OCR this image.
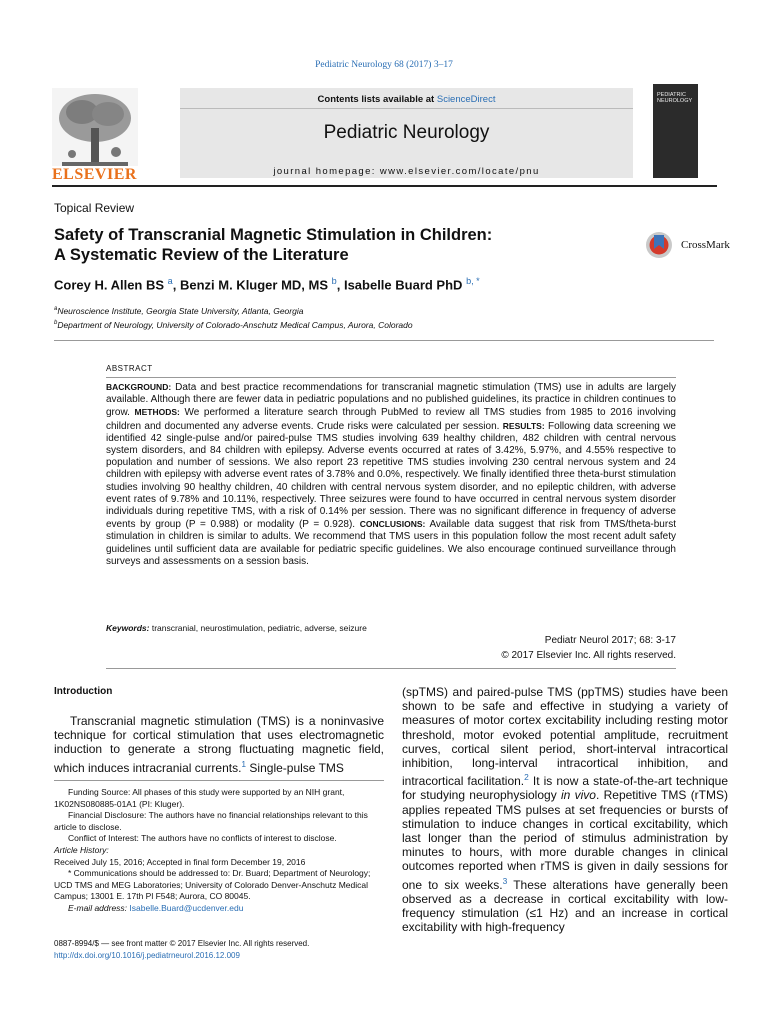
Pediatric Neurology 68 (2017) 3–17
ELSEVIER
Contents lists available at ScienceDirect
Pediatric Neurology
journal homepage: www.elsevier.com/locate/pnu
PEDIATRIC NEUROLOGY
Topical Review
Safety of Transcranial Magnetic Stimulation in Children:
A Systematic Review of the Literature
CrossMark
Corey H. Allen BS $^a$, Benzi M. Kluger MD, MS $^b$, Isabelle Buard PhD $^{b, *}$
$^a$Neuroscience Institute, Georgia State University, Atlanta, Georgia
$^b$Department of Neurology, University of Colorado-Anschutz Medical Campus, Aurora, Colorado
ABSTRACT
BACKGROUND: Data and best practice recommendations for transcranial magnetic stimulation (TMS) use in adults are largely available. Although there are fewer data in pediatric populations and no published guidelines, its practice in children continues to grow. METHODS: We performed a literature search through PubMed to review all TMS studies from 1985 to 2016 involving children and documented any adverse events. Crude risks were calculated per session. RESULTS: Following data screening we identified 42 single-pulse and/or paired-pulse TMS studies involving 639 healthy children, 482 children with central nervous system disorders, and 84 children with epilepsy. Adverse events occurred at rates of 3.42%, 5.97%, and 4.55% respective to population and number of sessions. We also report 23 repetitive TMS studies involving 230 central nervous system and 24 children with epilepsy with adverse event rates of 3.78% and 0.0%, respectively. We finally identified three theta-burst stimulation studies involving 90 healthy children, 40 children with central nervous system disorder, and no epileptic children, with adverse event rates of 9.78% and 10.11%, respectively. Three seizures were found to have occurred in central nervous system disorder individuals during repetitive TMS, with a risk of 0.14% per session. There was no significant difference in frequency of adverse events by group (P = 0.988) or modality (P = 0.928). CONCLUSIONS: Available data suggest that risk from TMS/theta-burst stimulation in children is similar to adults. We recommend that TMS users in this population follow the most recent adult safety guidelines until sufficient data are available for pediatric specific guidelines. We also encourage continued surveillance through surveys and assessments on a session basis.
Keywords: transcranial, neurostimulation, pediatric, adverse, seizure
Pediatr Neurol 2017; 68: 3-17
© 2017 Elsevier Inc. All rights reserved.
Introduction
Transcranial magnetic stimulation (TMS) is a noninvasive technique for cortical stimulation that uses electromagnetic induction to generate a strong fluctuating magnetic field, which induces intracranial currents.$^1$ Single-pulse TMS
(spTMS) and paired-pulse TMS (ppTMS) studies have been shown to be safe and effective in studying a variety of measures of motor cortex excitability including resting motor threshold, motor evoked potential amplitude, recruitment curves, cortical silent period, short-interval intracortical inhibition, long-interval intracortical inhibition, and intracortical facilitation.$^2$ It is now a state-of-the-art technique for studying neurophysiology in vivo. Repetitive TMS (rTMS) applies repeated TMS pulses at set frequencies or bursts of stimulation to induce changes in cortical excitability, which last longer than the period of stimulus administration by minutes to hours, with more durable changes in clinical outcomes reported when rTMS is given in daily sessions for one to six weeks.$^3$ These alterations have generally been observed as a decrease in cortical excitability with low-frequency stimulation (≤1 Hz) and an increase in cortical excitability with high-frequency

Funding Source: All phases of this study were supported by an NIH grant, 1K02NS080885-01A1 (PI: Kluger).

Financial Disclosure: The authors have no financial relationships relevant to this article to disclose.

Conflict of Interest: The authors have no conflicts of interest to disclose.

Article History:

Received July 15, 2016; Accepted in final form December 19, 2016

* Communications should be addressed to: Dr. Buard; Department of Neurology; UCD TMS and MEG Laboratories; University of Colorado Denver-Anschutz Medical Campus; 13001 E. 17th Pl F548; Aurora, CO 80045.

E-mail address: Isabelle.Buard@ucdenver.edu

0887-8994/$ — see front matter © 2017 Elsevier Inc. All rights reserved.
http://dx.doi.org/10.1016/j.pediatrneurol.2016.12.009
